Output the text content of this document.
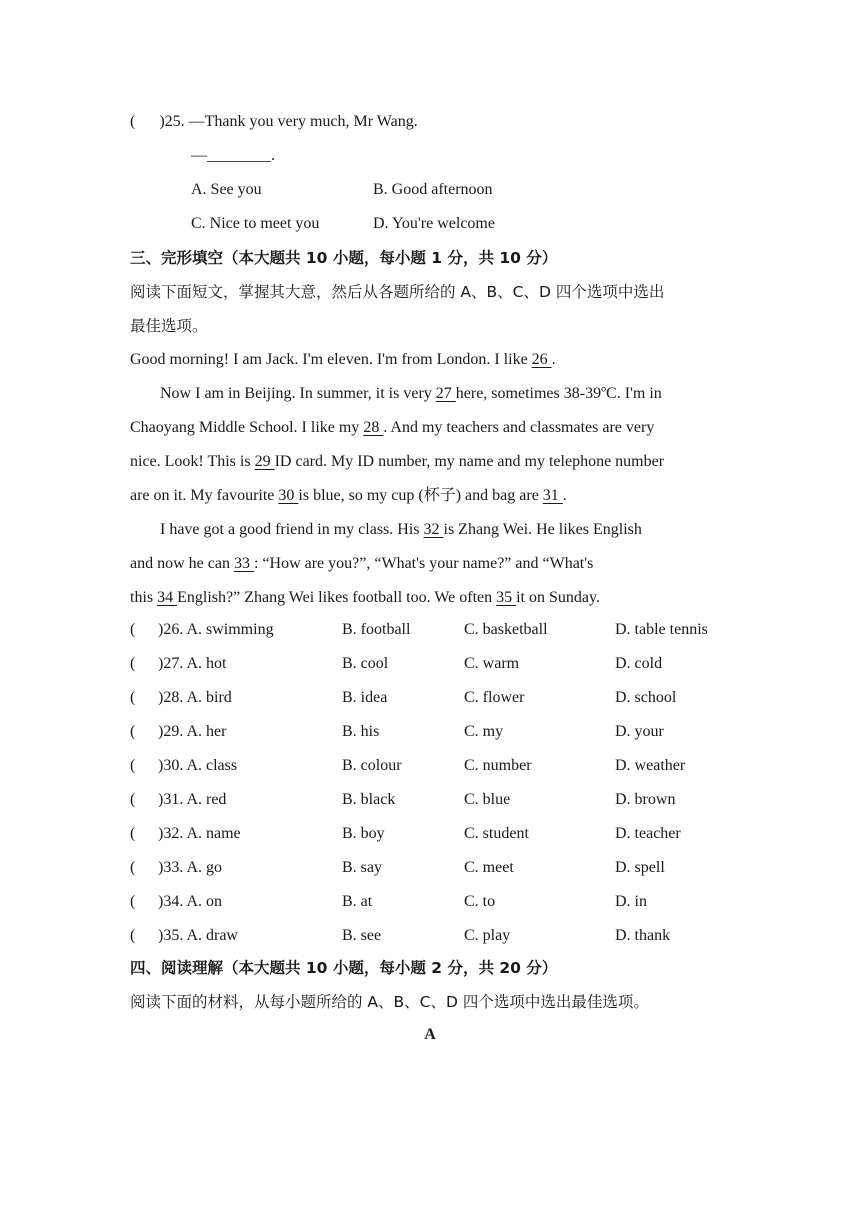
( )25. —Thank you very much, Mr Wang.
—________.
A. See you	B. Good afternoon
C. Nice to meet you	D. You're welcome
三、完形填空（本大题共 10 小题，每小题 1 分，共 10 分）
阅读下面短文，掌握其大意，然后从各题所给的 A、B、C、D 四个选项中选出
最佳选项。
Good morning! I am Jack. I'm eleven. I'm from London. I like 26 .
Now I am in Beijing. In summer, it is very 27 here, sometimes 38-39ºC. I'm in
Chaoyang Middle School. I like my 28 . And my teachers and classmates are very
nice. Look! This is 29 ID card. My ID number, my name and my telephone number
are on it. My favourite 30 is blue, so my cup (杯子) and bag are 31 .
I have got a good friend in my class. His 32 is Zhang Wei. He likes English
and now he can 33 : “How are you?”, “What's your name?” and “What's
this 34 English?” Zhang Wei likes football too. We often 35 it on Sunday.
( )26. A. swimming	B. football	C. basketball	D. table tennis
( )27. A. hot	B. cool	C. warm	D. cold
( )28. A. bird	B. idea	C. flower	D. school
( )29. A. her	B. his	C. my	D. your
( )30. A. class	B. colour	C. number	D. weather
( )31. A. red	B. black	C. blue	D. brown
( )32. A. name	B. boy	C. student	D. teacher
( )33. A. go	B. say	C. meet	D. spell
( )34. A. on	B. at	C. to	D. in
( )35. A. draw	B. see	C. play	D. thank
四、阅读理解（本大题共 10 小题，每小题 2 分，共 20 分）
阅读下面的材料，从每小题所给的 A、B、C、D 四个选项中选出最佳选项。
A
